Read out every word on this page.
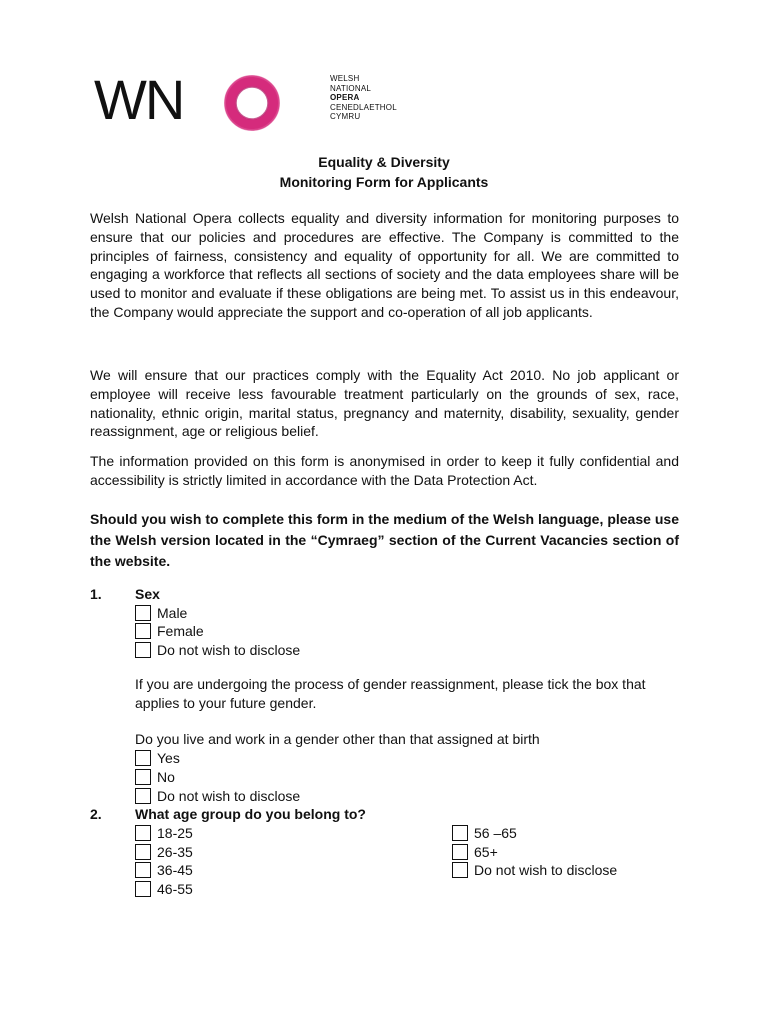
WN	WELSH
NATIONAL
OPERA
CENEDLAETHOL
CYMRU
Equality & Diversity
Monitoring Form for Applicants

Welsh National Opera collects equality and diversity information for monitoring purposes to ensure that our policies and procedures are effective. The Company is committed to the principles of fairness, consistency and equality of opportunity for all. We are committed to engaging a workforce that reflects all sections of society and the data employees share will be used to monitor and evaluate if these obligations are being met. To assist us in this endeavour, the Company would appreciate the support and co-operation of all job applicants.

We will ensure that our practices comply with the Equality Act 2010. No job applicant or employee will receive less favourable treatment particularly on the grounds of sex, race, nationality, ethnic origin, marital status, pregnancy and maternity, disability, sexuality, gender reassignment, age or religious belief.

The information provided on this form is anonymised in order to keep it fully confidential and accessibility is strictly limited in accordance with the Data Protection Act.

Should you wish to complete this form in the medium of the Welsh language, please use the Welsh version located in the “Cymraeg” section of the Current Vacancies section of the website.

1. Sex
Male
Female
Do not wish to disclose
If you are undergoing the process of gender reassignment, please tick the box that
applies to your future gender.
Do you live and work in a gender other than that assigned at birth
Yes
No
Do not wish to disclose
2. What age group do you belong to?
18-25
26-35
36-45
46-55
56 –65
65+
Do not wish to disclose
